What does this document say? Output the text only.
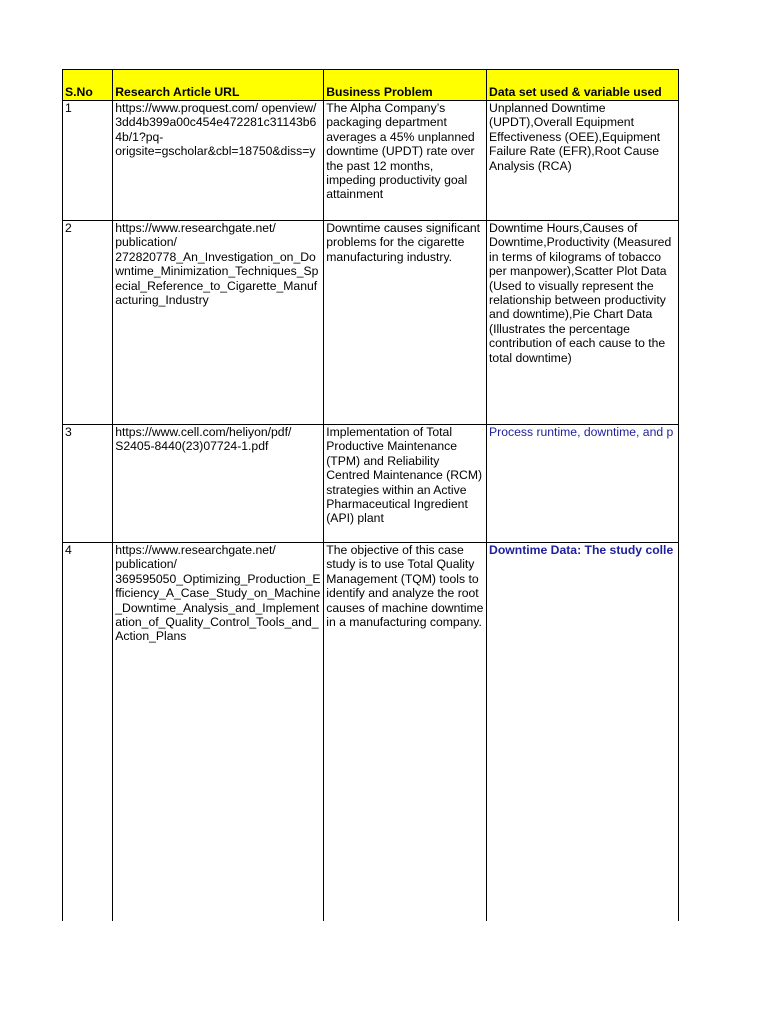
S.No	Research Article URL	Business Problem	Data set used & variable used
1	https://www.proquest.com/ openview/ 3dd4b399a00c454e472281c31143b64b/1?pq-origsite=gscholar&cbl=18750&diss=y	The Alpha Company’s packaging department averages a 45% unplanned downtime (UPDT) rate over the past 12 months, impeding productivity goal attainment	Unplanned Downtime (UPDT),Overall Equipment Effectiveness (OEE),Equipment Failure Rate (EFR),Root Cause Analysis (RCA)
2	https://www.researchgate.net/ publication/ 272820778_An_Investigation_on_Downtime_Minimization_Techniques_Special_Reference_to_Cigarette_Manufacturing_Industry	Downtime causes significant problems for the cigarette manufacturing industry.	Downtime Hours,Causes of Downtime,Productivity (Measured in terms of kilograms of tobacco per manpower),Scatter Plot Data (Used to visually represent the relationship between productivity and downtime),Pie Chart Data (Illustrates the percentage contribution of each cause to the total downtime)
3	https://www.cell.com/heliyon/pdf/ S2405-8440(23)07724-1.pdf	Implementation of Total Productive Maintenance (TPM) and Reliability Centred Maintenance (RCM) strategies within an Active Pharmaceutical Ingredient (API) plant	Process runtime, downtime, and p
4	https://www.researchgate.net/ publication/ 369595050_Optimizing_Production_Efficiency_A_Case_Study_on_Machine_Downtime_Analysis_and_Implementation_of_Quality_Control_Tools_and_Action_Plans	The objective of this case study is to use Total Quality Management (TQM) tools to identify and analyze the root causes of machine downtime in a manufacturing company.	Downtime Data: The study colle
